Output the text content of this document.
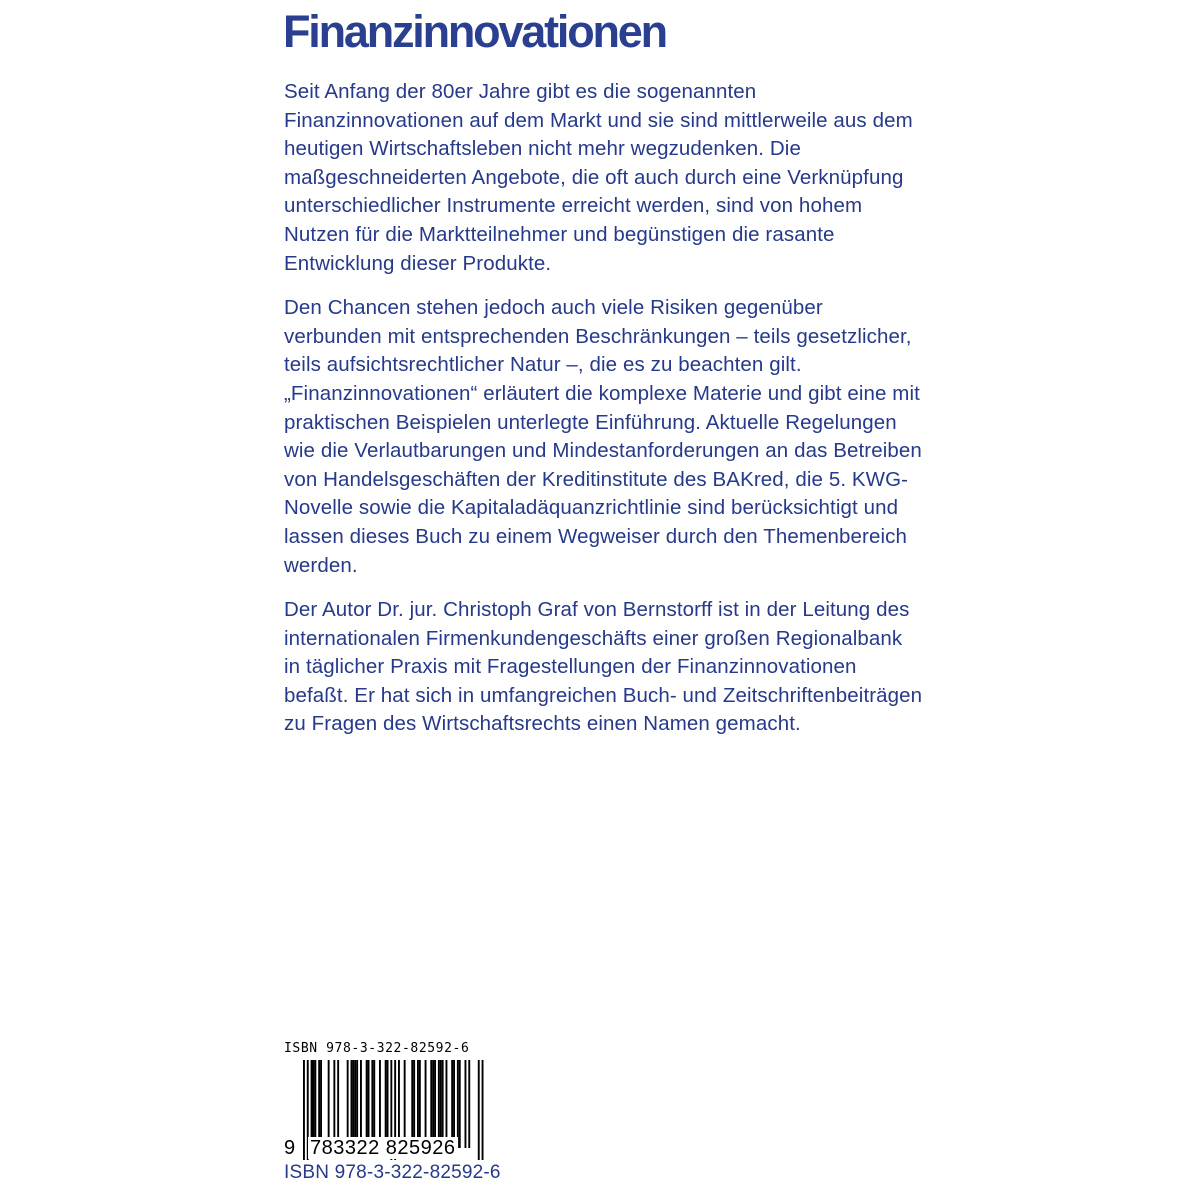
Finanzinnovationen

Seit Anfang der 80er Jahre gibt es die sogenannten Finanzinnovationen auf dem Markt und sie sind mittlerweile aus dem heutigen Wirtschaftsleben nicht mehr wegzudenken. Die maßgeschneiderten Angebote, die oft auch durch eine Verknüpfung unterschiedlicher Instrumente erreicht werden, sind von hohem Nutzen für die Marktteilnehmer und begünstigen die rasante Entwicklung dieser Produkte.

Den Chancen stehen jedoch auch viele Risiken gegenüber verbunden mit entsprechenden Beschränkungen – teils gesetzlicher, teils aufsichtsrechtlicher Natur –, die es zu beachten gilt. „Finanzinnovationen“ erläutert die komplexe Materie und gibt eine mit praktischen Beispielen unterlegte Einführung. Aktuelle Regelungen wie die Verlautbarungen und Mindestanforderungen an das Betreiben von Handelsgeschäften der Kreditinstitute des BAKred, die 5. KWG-Novelle sowie die Kapitaladäquanzrichtlinie sind berücksichtigt und lassen dieses Buch zu einem Wegweiser durch den Themenbereich werden.

Der Autor Dr. jur. Christoph Graf von Bernstorff ist in der Leitung des internationalen Firmenkundengeschäfts einer großen Regionalbank in täglicher Praxis mit Fragestellungen der Finanzinnovationen befaßt. Er hat sich in umfangreichen Buch- und Zeitschriftenbeiträgen zu Fragen des Wirtschaftsrechts einen Namen gemacht.

ISBN 978-3-322-82592-6
9 783322 825926
ISBN 978-3-322-82592-6
